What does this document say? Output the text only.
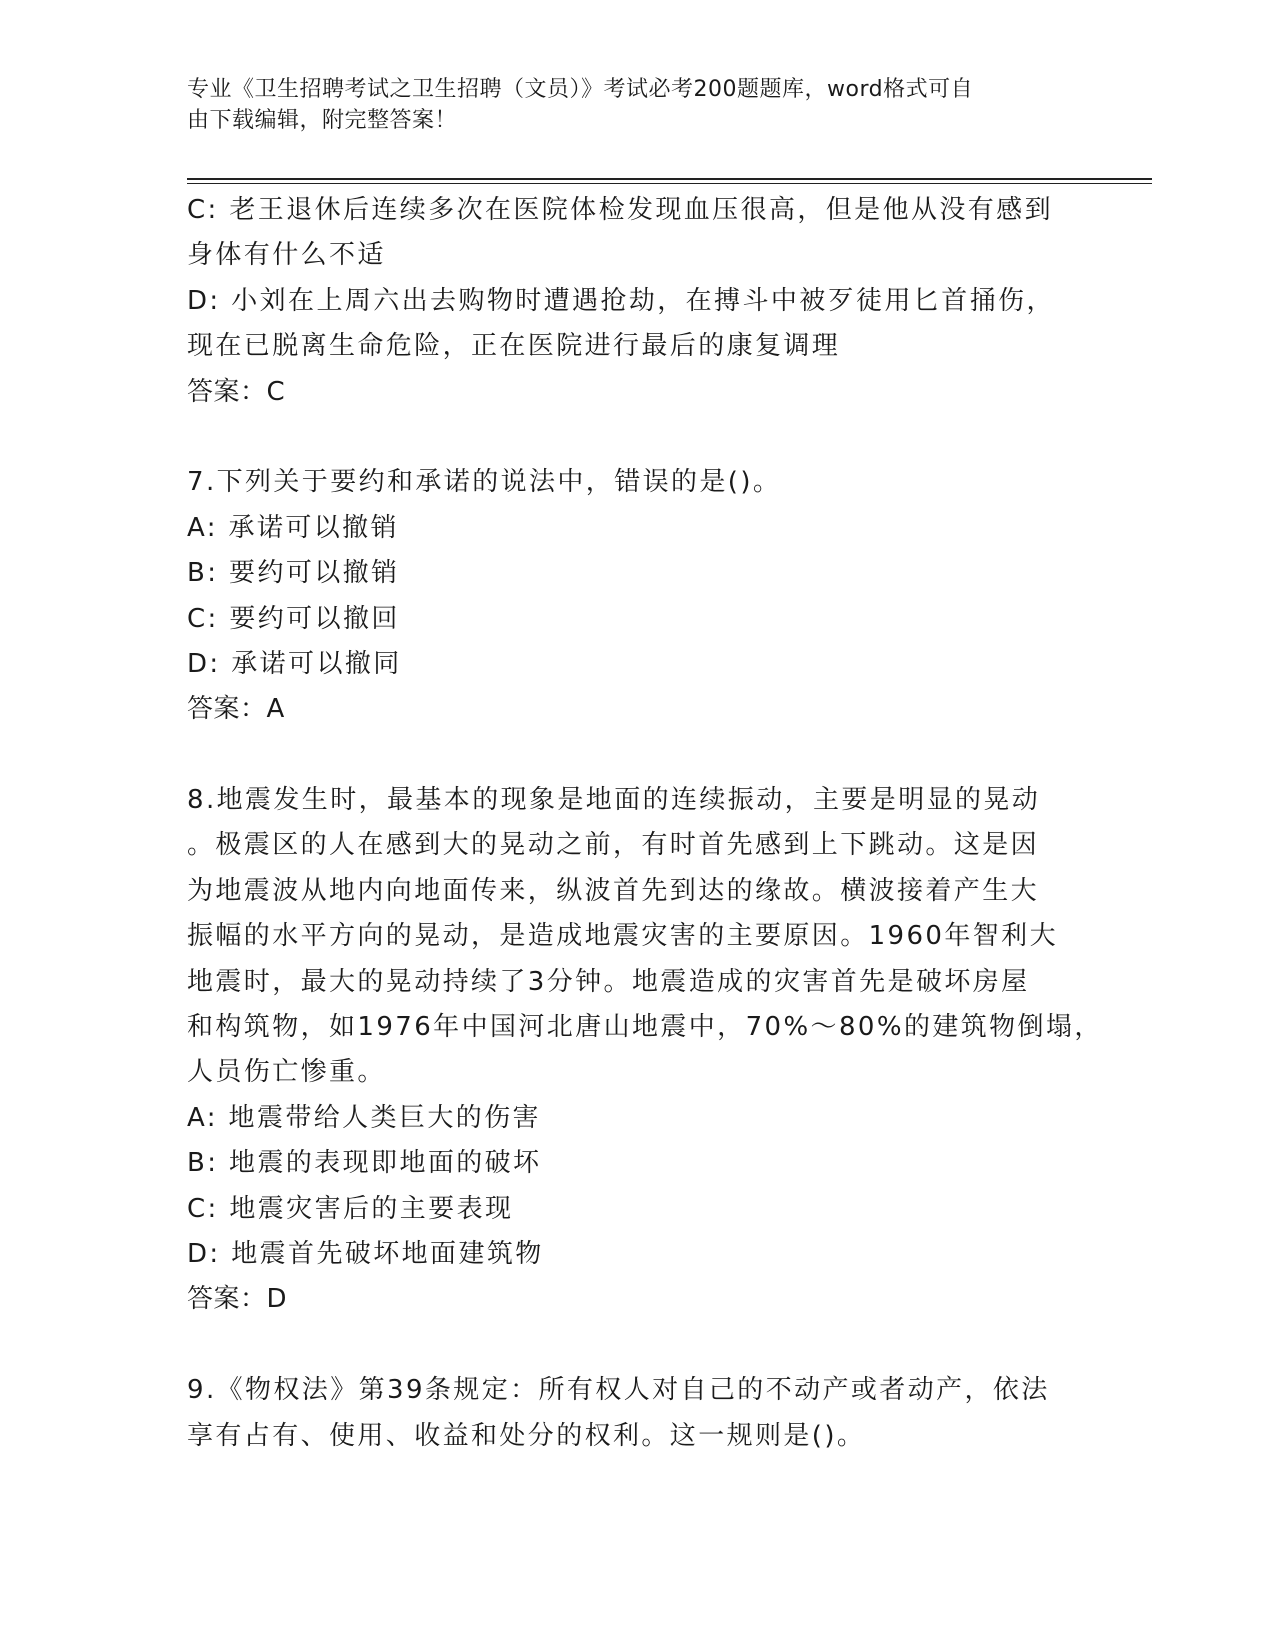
专业《卫生招聘考试之卫生招聘（文员）》考试必考200题题库，word格式可自
由下载编辑，附完整答案！
C: 老王退休后连续多次在医院体检发现血压很高，但是他从没有感到
身体有什么不适
D: 小刘在上周六出去购物时遭遇抢劫，在搏斗中被歹徒用匕首捅伤，
现在已脱离生命危险，正在医院进行最后的康复调理
答案：C
7.下列关于要约和承诺的说法中，错误的是()。
A: 承诺可以撤销
B: 要约可以撤销
C: 要约可以撤回
D: 承诺可以撤同
答案：A
8.地震发生时，最基本的现象是地面的连续振动，主要是明显的晃动
。极震区的人在感到大的晃动之前，有时首先感到上下跳动。这是因
为地震波从地内向地面传来，纵波首先到达的缘故。横波接着产生大
振幅的水平方向的晃动，是造成地震灾害的主要原因。1960年智利大
地震时，最大的晃动持续了3分钟。地震造成的灾害首先是破坏房屋
和构筑物，如1976年中国河北唐山地震中，70%～80%的建筑物倒塌，
人员伤亡惨重。
A: 地震带给人类巨大的伤害
B: 地震的表现即地面的破坏
C: 地震灾害后的主要表现
D: 地震首先破坏地面建筑物
答案：D
9.《物权法》第39条规定：所有权人对自己的不动产或者动产，依法
享有占有、使用、收益和处分的权利。这一规则是()。
